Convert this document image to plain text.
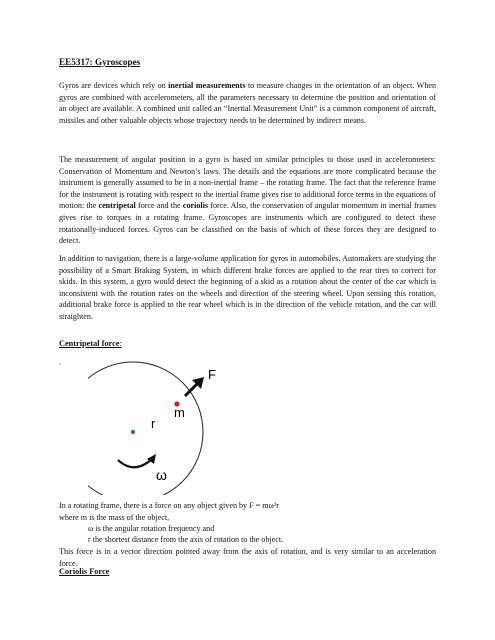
EE5317: Gyroscopes

Gyros are devices which rely on inertial measurements to measure changes in the orientation of an object. When gyros are combined with accelerometers, all the parameters necessary to determine the position and orientation of an object are available. A combined unit called an “Inertial Measurement Unit” is a common component of aircraft, missiles and other valuable objects whose trajectory needs to be determined by indirect means.

The measurement of angular position in a gyro is based on similar principles to those used in accelerometers: Conservation of Momentum and Newton’s laws. The details and the equations are more complicated because the instrument is generally assumed to be in a non-inertial frame – the rotating frame. The fact that the reference frame for the instrument is rotating with respect to the inertial frame gives rise to additional force terms in the equations of motion: the centripetal force and the coriolis force. Also, the conservation of angular momentum in inertial frames gives rise to torques in a rotating frame. Gyroscopes are instruments which are configured to detect these rotationally-induced forces. Gyros can be classified on the basis of which of these forces they are designed to detect.

In addition to navigation, there is a large-volume application for gyros in automobiles. Automakers are studying the possibility of a Smart Braking System, in which different brake forces are applied to the rear tires to correct for skids. In this system, a gyro would detect the beginning of a skid as a rotation about the center of the car which is inconsistent with the rotation rates on the wheels and direction of the steering wheel. Upon sensing this rotation, additional brake force is applied to the rear wheel which is in the direction of the vehicle rotation, and the car will straighten.

Centripetal force:
F
m
r
ω
In a rotating frame, there is a force on any object given by F = mω²r
where m is the mass of the object,
ω is the angular rotation frequency and
r the shortest distance from the axis of rotation to the object.
This force is in a vector direction pointed away from the axis of rotation, and is very similar to an acceleration force.
Coriolis Force
